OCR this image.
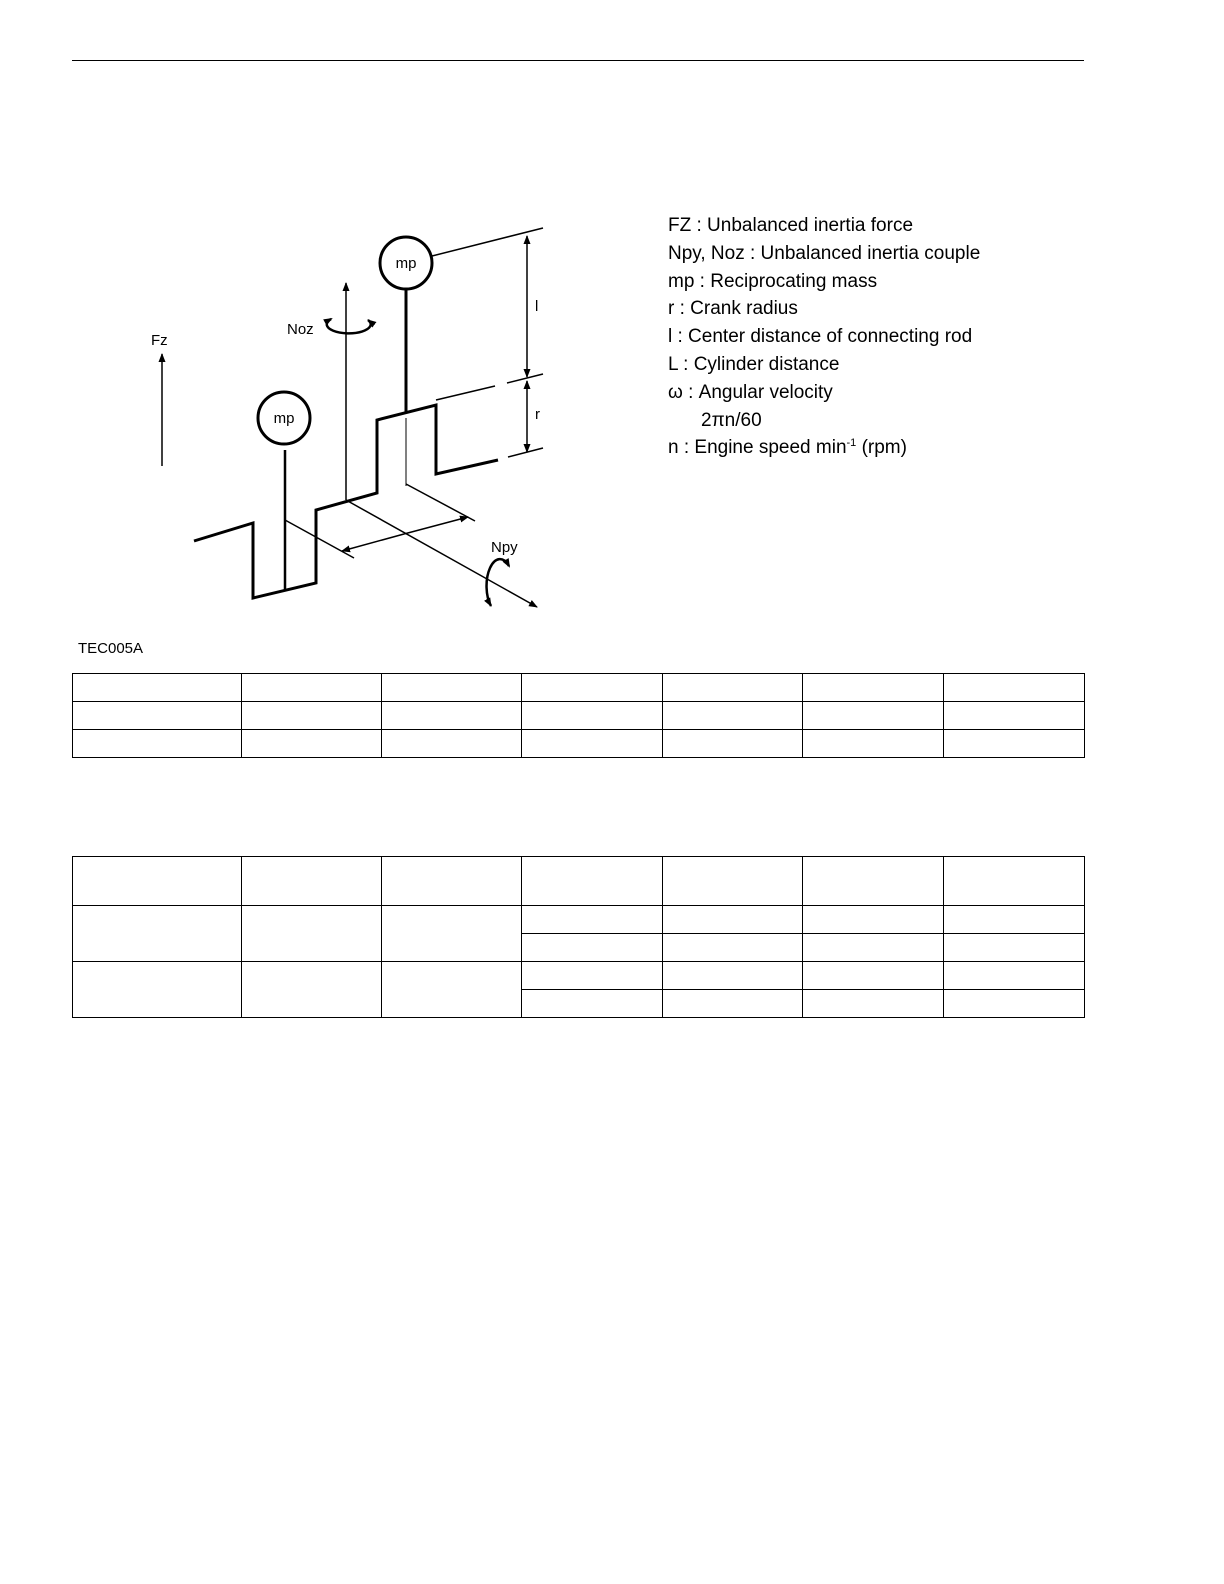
Fz
mp
mp
l
r
Noz
Npy
FZ : Unbalanced inertia force
Npy, Noz : Unbalanced inertia couple
mp : Reciprocating mass
r : Crank radius
l : Center distance of connecting rod
L : Cylinder distance
ω : Angular velocity
2πn/60
n : Engine speed $\min^{-1} (rpm)$
TEC005A
